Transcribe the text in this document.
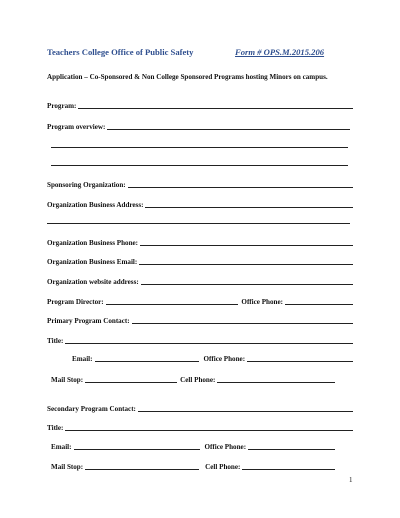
Teachers College Office of Public Safety	Form # OPS.M.2015.206
Application – Co-Sponsored & Non College Sponsored Programs hosting Minors on campus.
Program:
Program overview:
Sponsoring Organization:
Organization Business Address:
Organization Business Phone:
Organization Business Email:
Organization website address:
Program Director:	Office Phone:
Primary Program Contact:
Title:
Email:	Office Phone:
Mail Stop:	Cell Phone:
Secondary Program Contact:
Title:
Email:	Office Phone:
Mail Stop:	Cell Phone:
1
